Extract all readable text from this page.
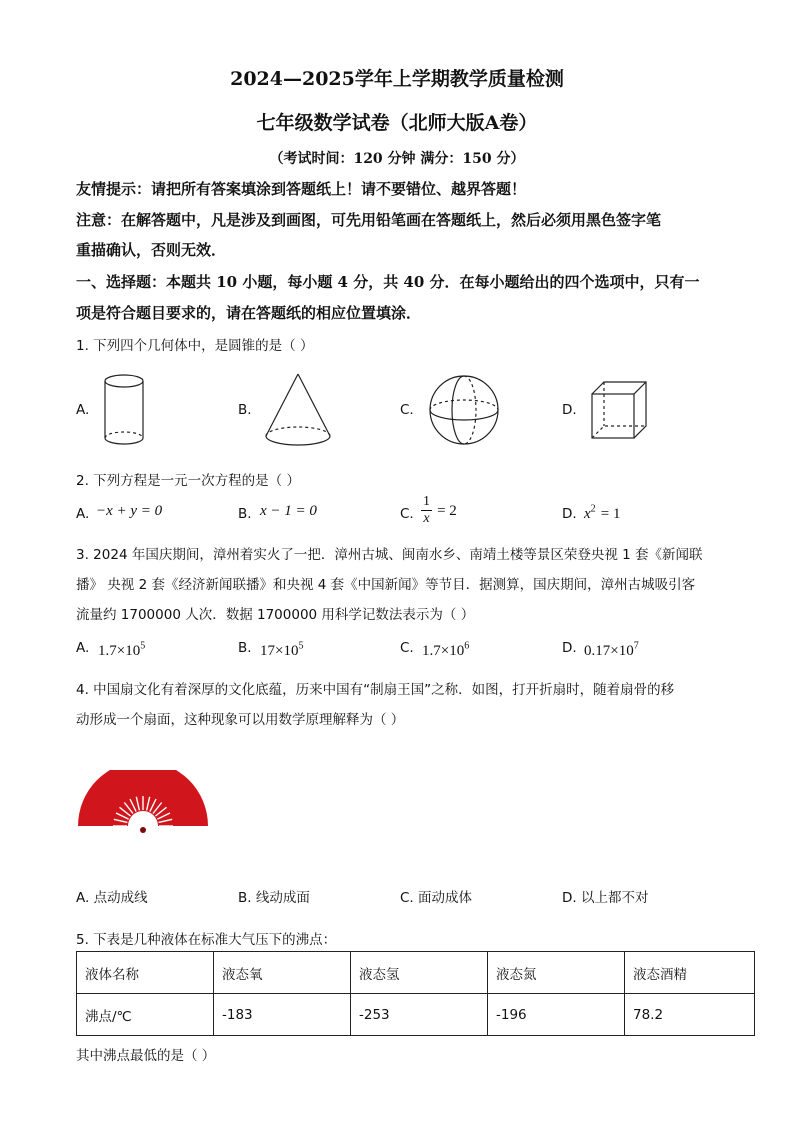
2024—2025学年上学期教学质量检测
七年级数学试卷（北师大版A卷）
（考试时间：120 分钟 满分：150 分）
友情提示：请把所有答案填涂到答题纸上！请不要错位、越界答题！
注意：在解答题中，凡是涉及到画图，可先用铅笔画在答题纸上，然后必须用黑色签字笔
重描确认，否则无效．
一、选择题：本题共 10 小题，每小题 4 分，共 40 分．在每小题给出的四个选项中，只有一
项是符合题目要求的，请在答题纸的相应位置填涂．
1. 下列四个几何体中，是圆锥的是（ ）
A.	B.	C.	D.
2. 下列方程是一元一次方程的是（ ）
A. −x + y = 0	B. x − 1 = 0	C. $\frac{1}{x} = 2$	D. $x^2 = 1$
3. 2024 年国庆期间，漳州着实火了一把．漳州古城、闽南水乡、南靖土楼等景区荣登央视 1 套《新闻联
播》 央视 2 套《经济新闻联播》和央视 4 套《中国新闻》等节目．据测算，国庆期间，漳州古城吸引客
流量约 1700000 人次．数据 1700000 用科学记数法表示为（ ）
A. $1.7\times 10^5$	B. $17\times 10^5$	C. $1.7\times 10^6$	D. $0.17\times 10^7$
4. 中国扇文化有着深厚的文化底蕴，历来中国有“制扇王国”之称．如图，打开折扇时，随着扇骨的移
动形成一个扇面，这种现象可以用数学原理解释为（ ）
A. 点动成线	B. 线动成面	C. 面动成体	D. 以上都不对
5. 下表是几种液体在标准大气压下的沸点：
液体名称	液态氧	液态氢	液态氮	液态酒精
沸点/℃	-183	-253	-196	78.2
其中沸点最低的是（ ）
